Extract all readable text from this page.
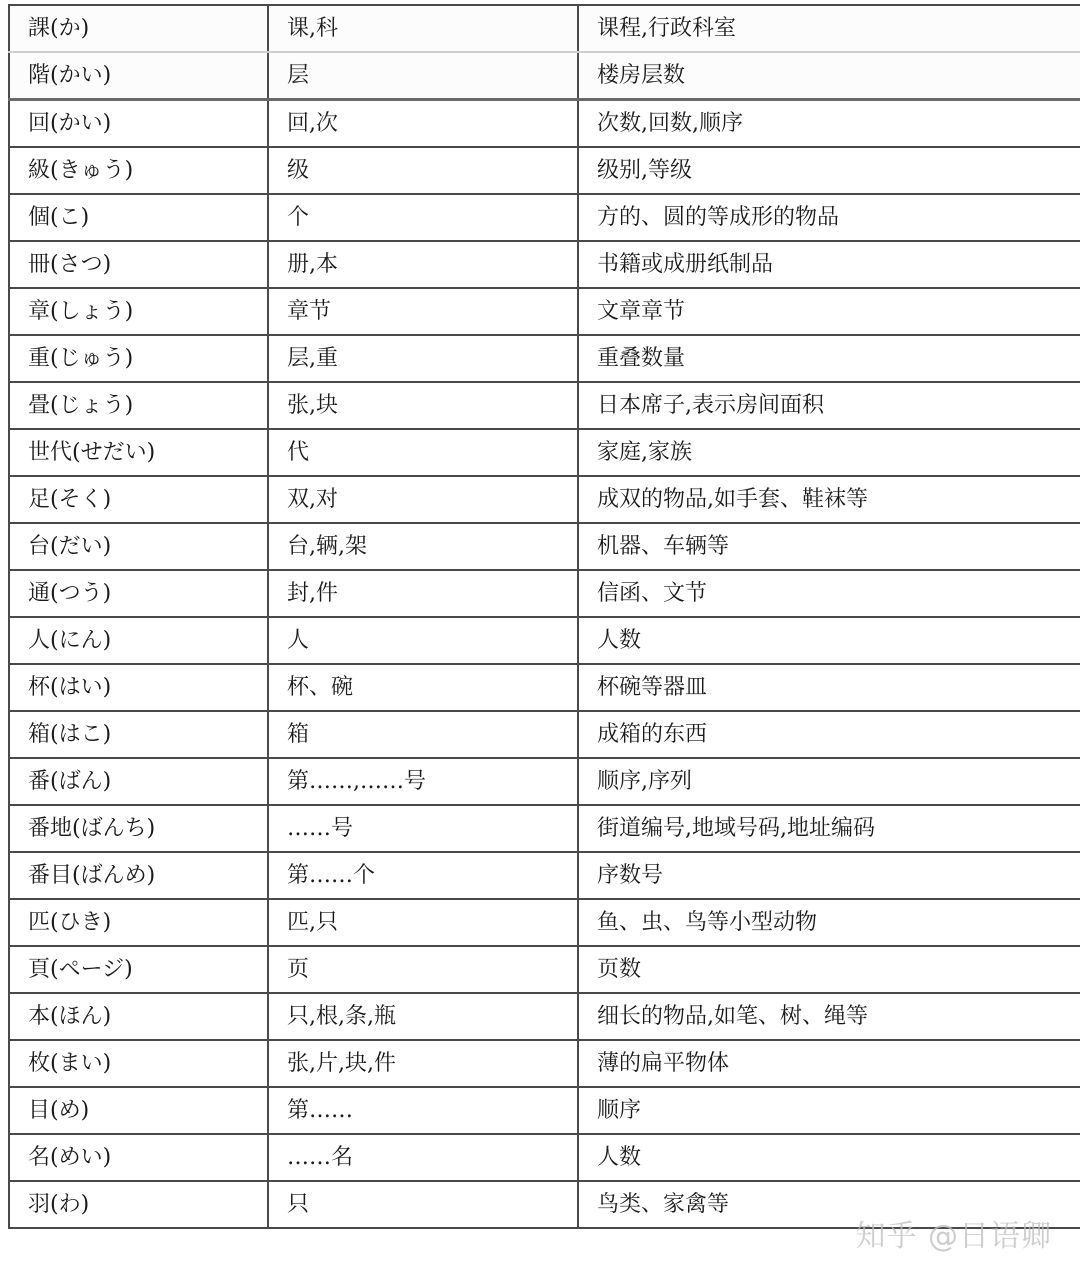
課(か)	课,科	课程,行政科室
階(かい)	层	楼房层数
回(かい)	回,次	次数,回数,顺序
級(きゅう)	级	级别,等级
個(こ)	个	方的、圆的等成形的物品
冊(さつ)	册,本	书籍或成册纸制品
章(しょう)	章节	文章章节
重(じゅう)	层,重	重叠数量
畳(じょう)	张,块	日本席子,表示房间面积
世代(せだい)	代	家庭,家族
足(そく)	双,对	成双的物品,如手套、鞋袜等
台(だい)	台,辆,架	机器、车辆等
通(つう)	封,件	信函、文节
人(にん)	人	人数
杯(はい)	杯、碗	杯碗等器皿
箱(はこ)	箱	成箱的东西
番(ばん)	第……,……号	顺序,序列
番地(ばんち)	……号	街道编号,地域号码,地址编码
番目(ばんめ)	第……个	序数号
匹(ひき)	匹,只	鱼、虫、鸟等小型动物
頁(ページ)	页	页数
本(ほん)	只,根,条,瓶	细长的物品,如笔、树、绳等
枚(まい)	张,片,块,件	薄的扁平物体
目(め)	第……	顺序
名(めい)	……名	人数
羽(わ)	只	鸟类、家禽等
知乎 @日语卿
